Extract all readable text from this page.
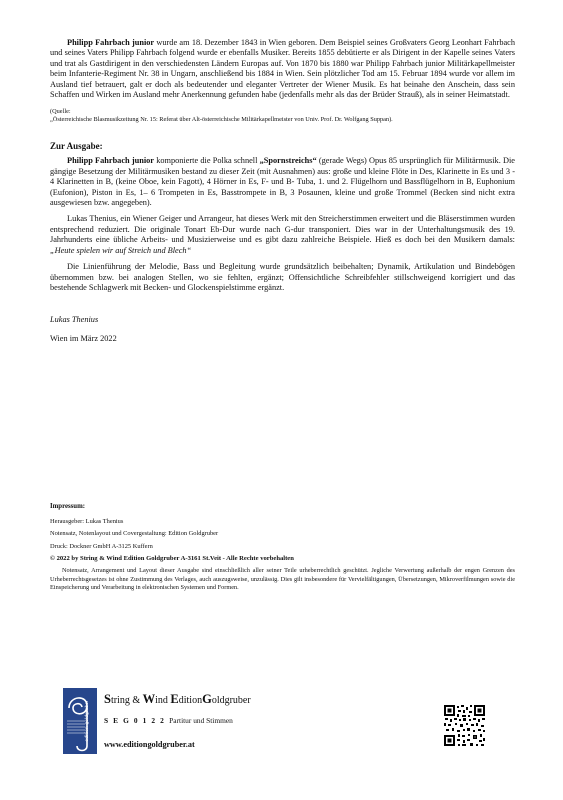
Philipp Fahrbach junior wurde am 18. Dezember 1843 in Wien geboren. Dem Beispiel seines Großvaters Georg Leonhart Fahrbach und seines Vaters Philipp Fahrbach folgend wurde er ebenfalls Musiker. Bereits 1855 debütierte er als Dirigent in der Kapelle seines Vaters und trat als Gastdirigent in den verschiedensten Ländern Europas auf. Von 1870 bis 1880 war Philipp Fahrbach junior Militärkapellmeister beim Infanterie-Regiment Nr. 38 in Ungarn, anschließend bis 1884 in Wien. Sein plötzlicher Tod am 15. Februar 1894 wurde vor allem im Ausland tief betrauert, galt er doch als bedeutender und eleganter Vertreter der Wiener Musik. Es hat beinahe den Anschein, dass sein Schaffen und Wirken im Ausland mehr Anerkennung gefunden habe (jedenfalls mehr als das der Brüder Strauß), als in seiner Heimatstadt.

(Quelle:
„Österreichische Blasmusikzeitung Nr. 15: Referat über Alt-österreichische Militärkapellmeister von Univ. Prof. Dr. Wolfgang Suppan).
Zur Ausgabe:

Philipp Fahrbach junior komponierte die Polka schnell „Spornstreichs“ (gerade Wegs) Opus 85 ursprünglich für Militärmusik. Die gängige Besetzung der Militärmusiken bestand zu dieser Zeit (mit Ausnahmen) aus: große und kleine Flöte in Des, Klarinette in Es und 3 - 4 Klarinetten in B, (keine Oboe, kein Fagott), 4 Hörner in Es, F- und B- Tuba, 1. und 2. Flügelhorn und Bassflügelhorn in B, Euphonium (Eufonion), Piston in Es, 1– 6 Trompeten in Es, Basstrompete in B, 3 Posaunen, kleine und große Trommel (Becken sind nicht extra ausgewiesen bzw. angegeben).

Lukas Thenius, ein Wiener Geiger und Arrangeur, hat dieses Werk mit den Streicherstimmen erweitert und die Bläserstimmen wurden entsprechend reduziert. Die originale Tonart Eb-Dur wurde nach G-dur transponiert. Dies war in der Unterhaltungsmusik des 19. Jahrhunderts eine übliche Arbeits- und Musizierweise und es gibt dazu zahlreiche Beispiele. Hieß es doch bei den Musikern damals: „Heute spielen wir auf Streich und Blech“

Die Linienführung der Melodie, Bass und Begleitung wurde grundsätzlich beibehalten; Dynamik, Artikulation und Bindebögen übernommen bzw. bei analogen Stellen, wo sie fehlten, ergänzt; Offensichtliche Schreibfehler stillschweigend korrigiert und das bestehende Schlagwerk mit Becken- und Glockenspielstimme ergänzt.

Lukas Thenius
Wien im März 2022
Impressum:
Herausgeber: Lukas Thenius
Notensatz, Notenlayout und Covergestaltung: Edition Goldgruber
Druck: Dockner GmbH A-3125 Kuffern
© 2022 by String & Wind Edition Goldgruber A-3161 St.Veit - Alle Rechte vorbehalten

Notensatz, Arrangement und Layout dieser Ausgabe sind einschließlich aller seiner Teile urheberrechtlich geschützt. Jegliche Verwertung außerhalb der engen Grenzen des Urheberrechtsgesetzes ist ohne Zustimmung des Verlages, auch auszugsweise, unzulässig. Dies gilt insbesondere für Vervielfältigungen, Übersetzungen, Mikroverfilmungen sowie die Einspeicherung und Verarbeitung in elektronischen Systemen und Formen.

edition goldgruber
String & Wind EditionGoldgruber
S E G 0 1 2 2 Partitur und Stimmen
www.editiongoldgruber.at
